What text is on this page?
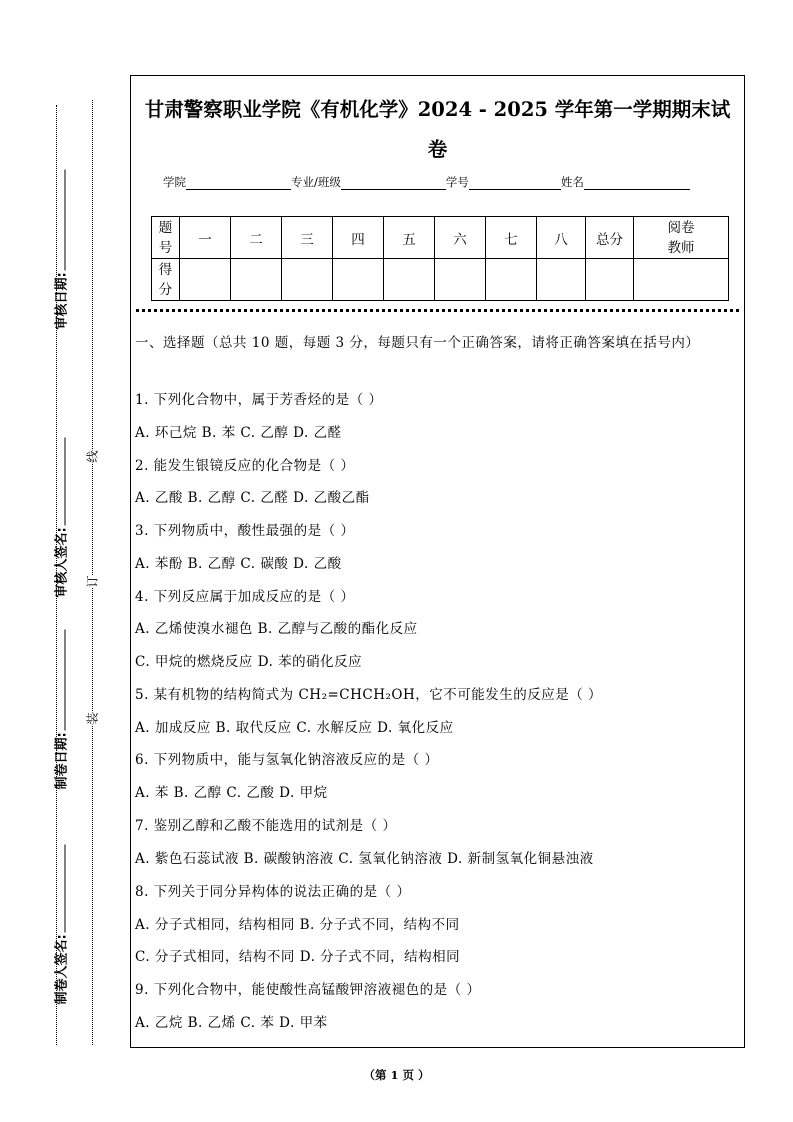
审核日期:
审核人签名:
制卷日期:
制卷人签名:
线
订
装
甘肃警察职业学院《有机化学》2024 - 2025 学年第一学期期末试
卷
学院	专业/班级	学号	姓名
题
号	一	二	三	四	五	六	七	八	总分	阅卷
教师
得
分										
一、选择题（总共 10 题，每题 3 分，每题只有一个正确答案，请将正确答案填在括号内）
1. 下列化合物中，属于芳香烃的是（ ）
A. 环己烷 B. 苯 C. 乙醇 D. 乙醛
2. 能发生银镜反应的化合物是（ ）
A. 乙酸 B. 乙醇 C. 乙醛 D. 乙酸乙酯
3. 下列物质中，酸性最强的是（ ）
A. 苯酚 B. 乙醇 C. 碳酸 D. 乙酸
4. 下列反应属于加成反应的是（ ）
A. 乙烯使溴水褪色 B. 乙醇与乙酸的酯化反应
C. 甲烷的燃烧反应 D. 苯的硝化反应
5. 某有机物的结构简式为 CH₂=CHCH₂OH，它不可能发生的反应是（ ）
A. 加成反应 B. 取代反应 C. 水解反应 D. 氧化反应
6. 下列物质中，能与氢氧化钠溶液反应的是（ ）
A. 苯 B. 乙醇 C. 乙酸 D. 甲烷
7. 鉴别乙醇和乙酸不能选用的试剂是（ ）
A. 紫色石蕊试液 B. 碳酸钠溶液 C. 氢氧化钠溶液 D. 新制氢氧化铜悬浊液
8. 下列关于同分异构体的说法正确的是（ ）
A. 分子式相同，结构相同 B. 分子式不同，结构不同
C. 分子式相同，结构不同 D. 分子式不同，结构相同
9. 下列化合物中，能使酸性高锰酸钾溶液褪色的是（ ）
A. 乙烷 B. 乙烯 C. 苯 D. 甲苯
（第 1 页 ）
